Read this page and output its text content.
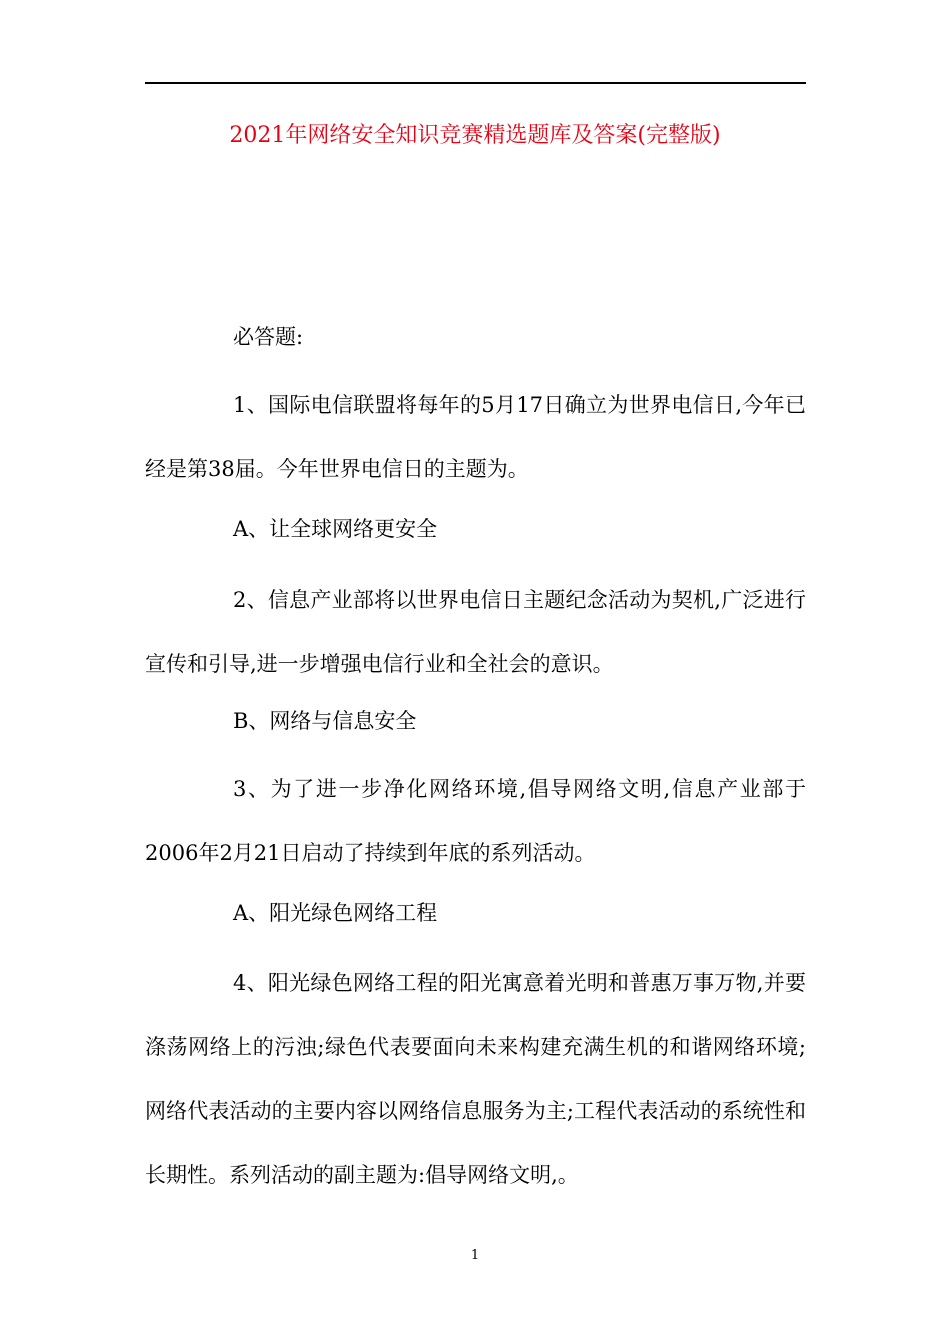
2021年网络安全知识竞赛精选题库及答案(完整版)

必答题:

1、国际电信联盟将每年的5月17日确立为世界电信日,今年已经是第38届。今年世界电信日的主题为。

A、让全球网络更安全

2、信息产业部将以世界电信日主题纪念活动为契机,广泛进行宣传和引导,进一步增强电信行业和全社会的意识。

B、网络与信息安全

3、为了进一步净化网络环境,倡导网络文明,信息产业部于2006年2月21日启动了持续到年底的系列活动。

A、阳光绿色网络工程

4、阳光绿色网络工程的阳光寓意着光明和普惠万事万物,并要涤荡网络上的污浊;绿色代表要面向未来构建充满生机的和谐网络环境;网络代表活动的主要内容以网络信息服务为主;工程代表活动的系统性和长期性。系列活动的副主题为:倡导网络文明,。

1
